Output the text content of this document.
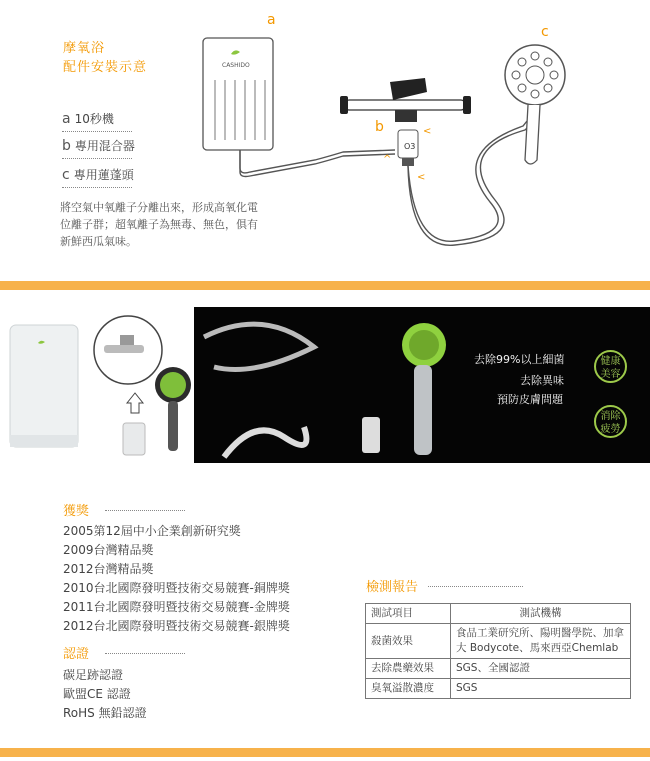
摩氧浴
配件安裝示意
a 10秒機
b 專用混合器
c 專用蓮蓬頭
將空氣中氧離子分離出來，形成高氧化電位離子群；超氧離子為無毒、無色，俱有新鮮西瓜氣味。
CASHIDO
O3
<
^
<
a
b
c
去除99%以上細菌
去除異味
預防皮膚問題
健康美容
消除疲勞
獲獎
2005第12屆中小企業創新研究獎
2009台灣精品獎
2012台灣精品獎
2010台北國際發明暨技術交易競賽-銅牌獎
2011台北國際發明暨技術交易競賽-金牌獎
2012台北國際發明暨技術交易競賽-銀牌獎
認證
碳足跡認證
歐盟CE 認證
RoHS 無鉛認證
檢測報告
測試項目	測試機構
殺菌效果	食品工業研究所、陽明醫學院、加拿大 Bodycote、馬來西亞Chemlab
去除農藥效果	SGS、全國認證
臭氧溢散濃度	SGS
